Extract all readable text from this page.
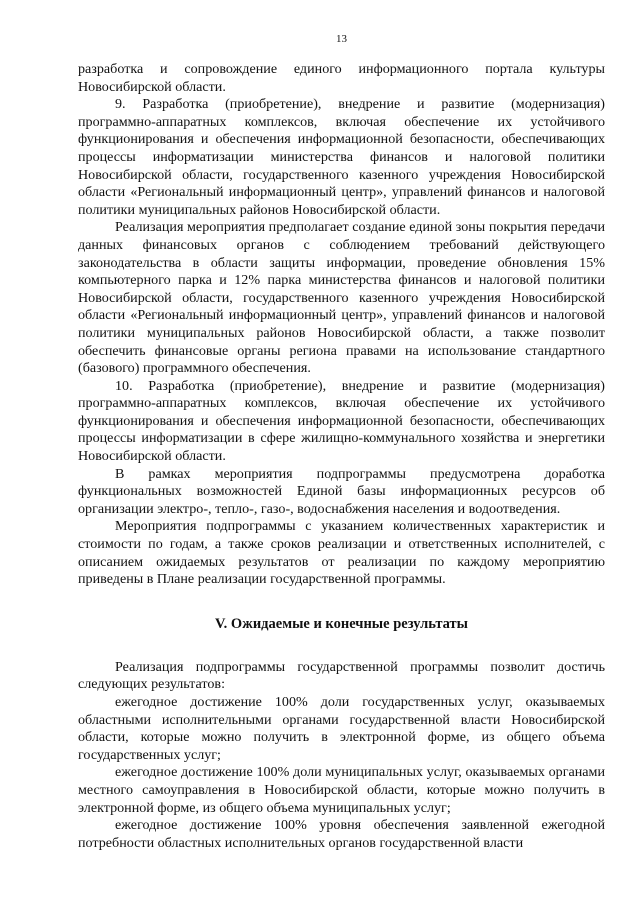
13

разработка и сопровождение единого информационного портала культуры Новосибирской области.

9. Разработка (приобретение), внедрение и развитие (модернизация) программно-аппаратных комплексов, включая обеспечение их устойчивого функционирования и обеспечения информационной безопасности, обеспечивающих процессы информатизации министерства финансов и налоговой политики Новосибирской области, государственного казенного учреждения Новосибирской области «Региональный информационный центр», управлений финансов и налоговой политики муниципальных районов Новосибирской области.

Реализация мероприятия предполагает создание единой зоны покрытия передачи данных финансовых органов с соблюдением требований действующего законодательства в области защиты информации, проведение обновления 15% компьютерного парка и 12% парка министерства финансов и налоговой политики Новосибирской области, государственного казенного учреждения Новосибирской области «Региональный информационный центр», управлений финансов и налоговой политики муниципальных районов Новосибирской области, а также позволит обеспечить финансовые органы региона правами на использование стандартного (базового) программного обеспечения.

10. Разработка (приобретение), внедрение и развитие (модернизация) программно-аппаратных комплексов, включая обеспечение их устойчивого функционирования и обеспечения информационной безопасности, обеспечивающих процессы информатизации в сфере жилищно-коммунального хозяйства и энергетики Новосибирской области.

В рамках мероприятия подпрограммы предусмотрена доработка функциональных возможностей Единой базы информационных ресурсов об организации электро-, тепло-, газо-, водоснабжения населения и водоотведения.

Мероприятия подпрограммы с указанием количественных характеристик и стоимости по годам, а также сроков реализации и ответственных исполнителей, с описанием ожидаемых результатов от реализации по каждому мероприятию приведены в Плане реализации государственной программы.

V. Ожидаемые и конечные результаты

Реализация подпрограммы государственной программы позволит достичь следующих результатов:

ежегодное достижение 100% доли государственных услуг, оказываемых областными исполнительными органами государственной власти Новосибирской области, которые можно получить в электронной форме, из общего объема государственных услуг;

ежегодное достижение 100% доли муниципальных услуг, оказываемых органами местного самоуправления в Новосибирской области, которые можно получить в электронной форме, из общего объема муниципальных услуг;

ежегодное достижение 100% уровня обеспечения заявленной ежегодной потребности областных исполнительных органов государственной власти
